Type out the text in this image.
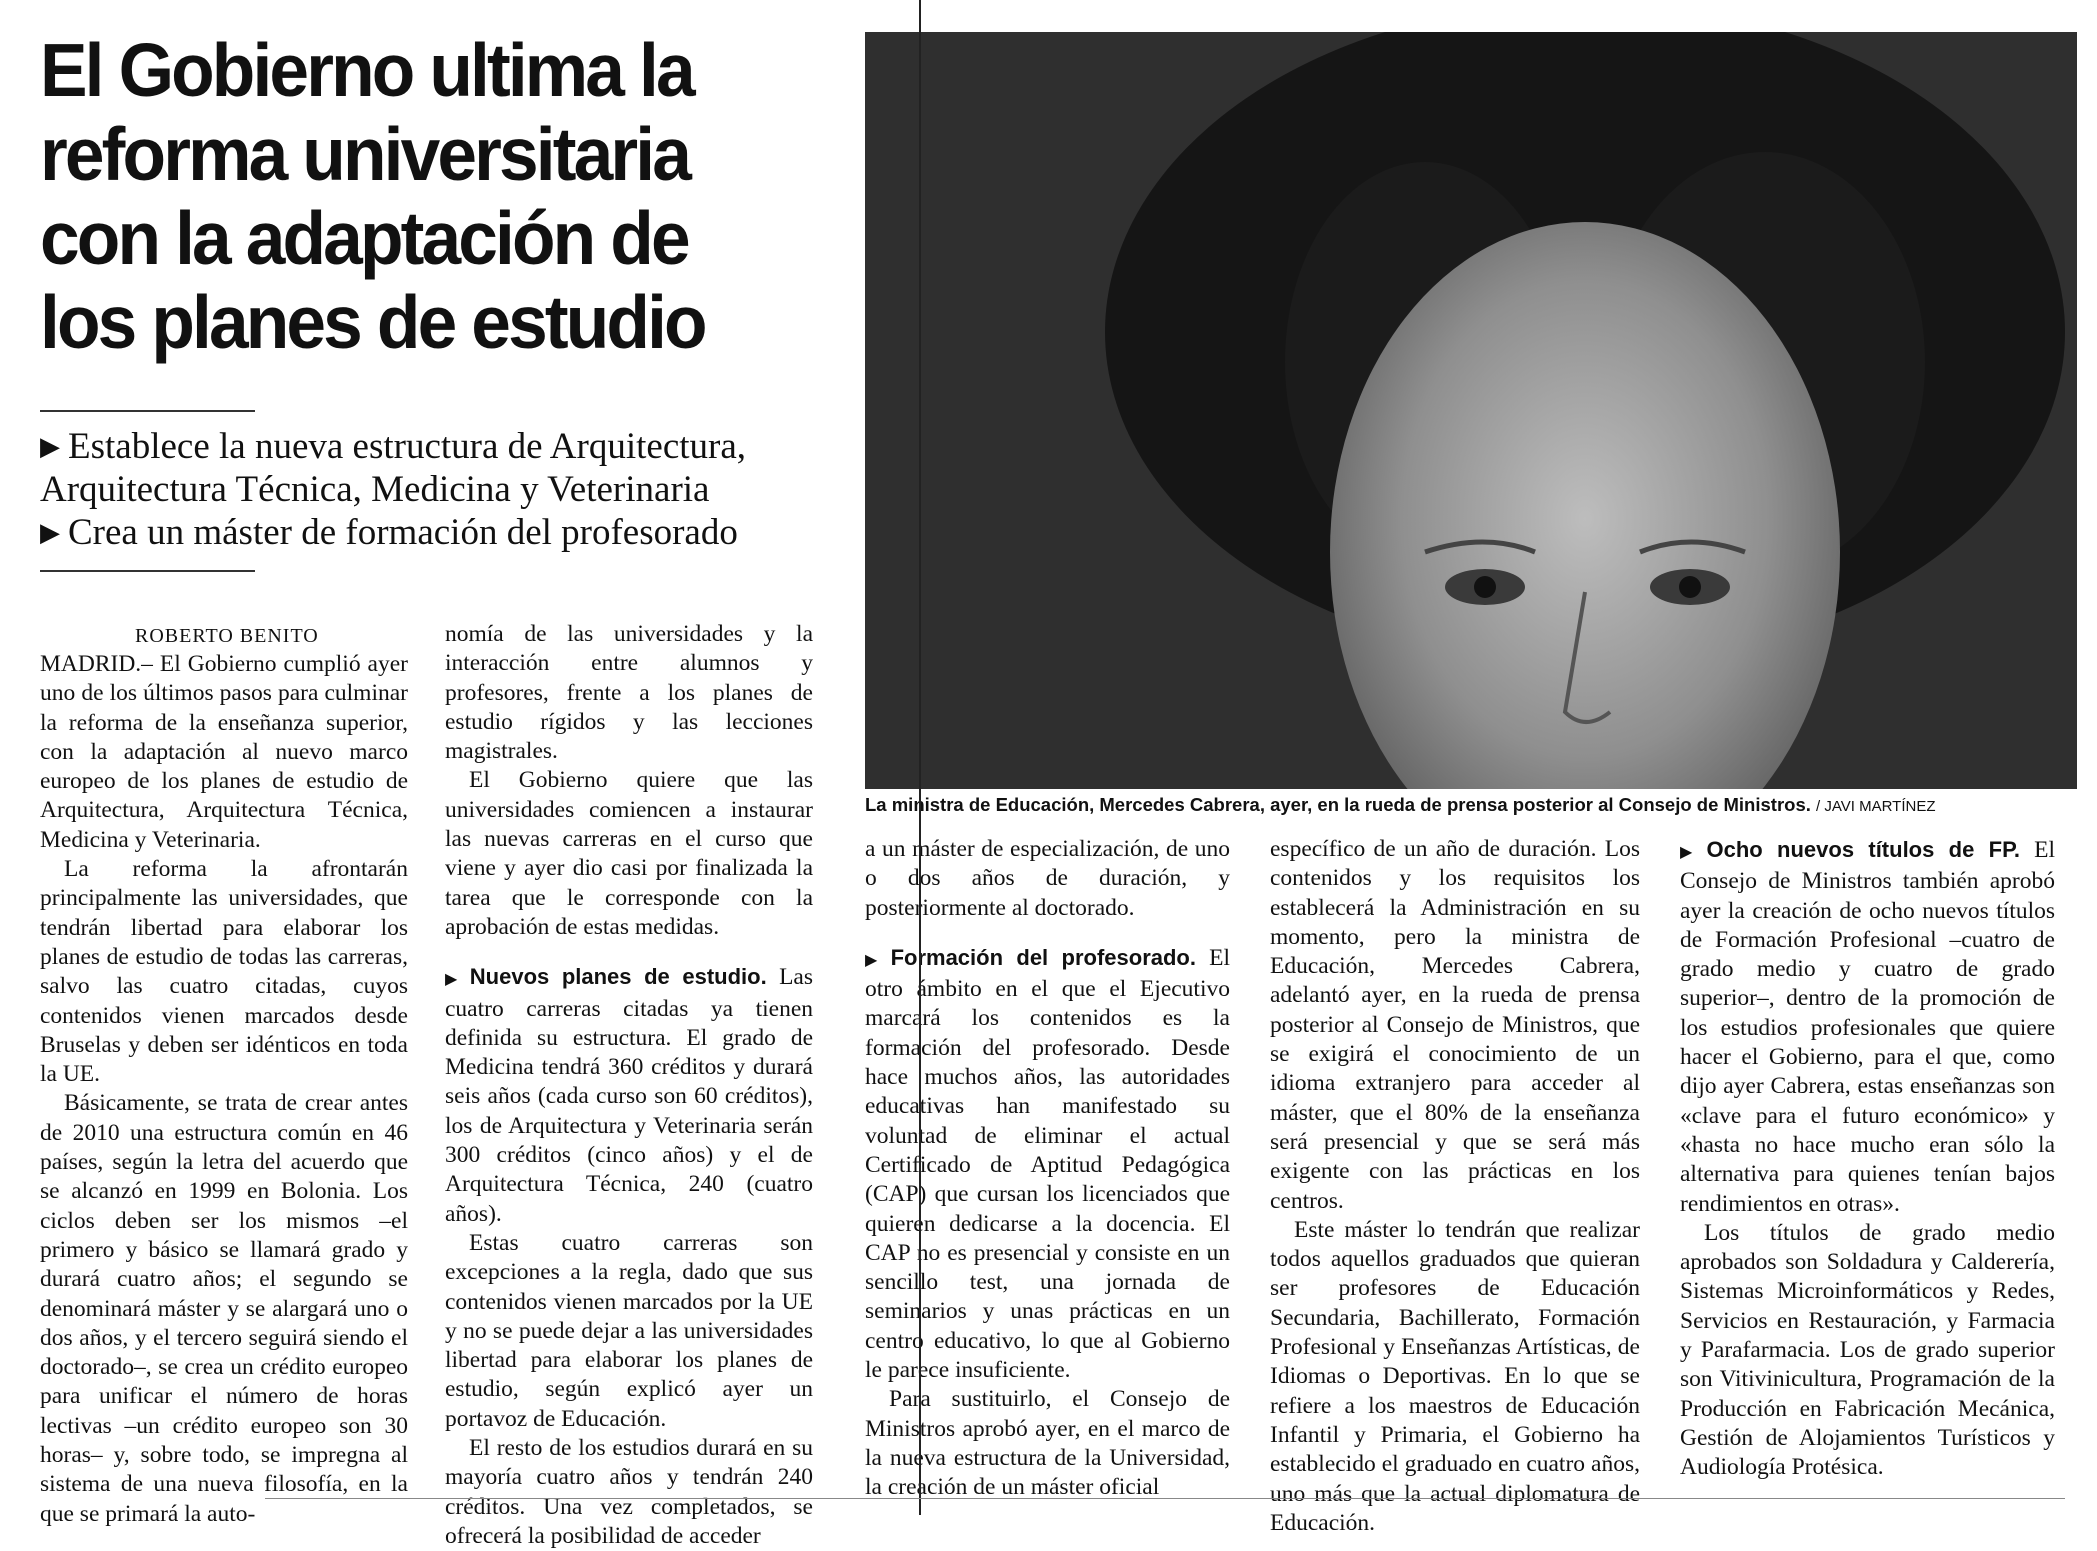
El Gobierno ultima la
reforma universitaria
con la adaptación de
los planes de estudio
▶ Establece la nueva estructura de Arquitectura,
Arquitectura Técnica, Medicina y Veterinaria
▶ Crea un máster de formación del profesorado
ROBERTO BENITO

MADRID.– El Gobierno cumplió ayer uno de los últimos pasos para culminar la reforma de la enseñanza superior, con la adaptación al nuevo marco europeo de los planes de estudio de Arquitectura, Arquitectura Técnica, Medicina y Veterinaria.

La reforma la afrontarán principalmente las universidades, que tendrán libertad para elaborar los planes de estudio de todas las carreras, salvo las cuatro citadas, cuyos contenidos vienen marcados desde Bruselas y deben ser idénticos en toda la UE.

Básicamente, se trata de crear antes de 2010 una estructura común en 46 países, según la letra del acuerdo que se alcanzó en 1999 en Bolonia. Los ciclos deben ser los mismos –el primero y básico se llamará grado y durará cuatro años; el segundo se denominará máster y se alargará uno o dos años, y el tercero seguirá siendo el doctorado–, se crea un crédito europeo para unificar el número de horas lectivas –un crédito europeo son 30 horas– y, sobre todo, se impregna al sistema de una nueva filosofía, en la que se primará la auto-

nomía de las universidades y la interacción entre alumnos y profesores, frente a los planes de estudio rígidos y las lecciones magistrales.

El Gobierno quiere que las universidades comiencen a instaurar las nuevas carreras en el curso que viene y ayer dio casi por finalizada la tarea que le corresponde con la aprobación de estas medidas.

▶ Nuevos planes de estudio. Las cuatro carreras citadas ya tienen definida su estructura. El grado de Medicina tendrá 360 créditos y durará seis años (cada curso son 60 créditos), los de Arquitectura y Veterinaria serán 300 créditos (cinco años) y el de Arquitectura Técnica, 240 (cuatro años).

Estas cuatro carreras son excepciones a la regla, dado que sus contenidos vienen marcados por la UE y no se puede dejar a las universidades libertad para elaborar los planes de estudio, según explicó ayer un portavoz de Educación.

El resto de los estudios durará en su mayoría cuatro años y tendrán 240 créditos. Una vez completados, se ofrecerá la posibilidad de acceder

La ministra de Educación, Mercedes Cabrera, ayer, en la rueda de prensa posterior al Consejo de Ministros. / JAVI MARTÍNEZ

a un máster de especialización, de uno o dos años de duración, y posteriormente al doctorado.

▶ Formación del profesorado. El otro ámbito en el que el Ejecutivo marcará los contenidos es la formación del profesorado. Desde hace muchos años, las autoridades educativas han manifestado su voluntad de eliminar el actual Certificado de Aptitud Pedagógica (CAP) que cursan los licenciados que quieren dedicarse a la docencia. El CAP no es presencial y consiste en un sencillo test, una jornada de seminarios y unas prácticas en un centro educativo, lo que al Gobierno le parece insuficiente.

Para sustituirlo, el Consejo de Ministros aprobó ayer, en el marco de la nueva estructura de la Universidad, la creación de un máster oficial

específico de un año de duración. Los contenidos y los requisitos los establecerá la Administración en su momento, pero la ministra de Educación, Mercedes Cabrera, adelantó ayer, en la rueda de prensa posterior al Consejo de Ministros, que se exigirá el conocimiento de un idioma extranjero para acceder al máster, que el 80% de la enseñanza será presencial y que se será más exigente con las prácticas en los centros.

Este máster lo tendrán que realizar todos aquellos graduados que quieran ser profesores de Educación Secundaria, Bachillerato, Formación Profesional y Enseñanzas Artísticas, de Idiomas o Deportivas. En lo que se refiere a los maestros de Educación Infantil y Primaria, el Gobierno ha establecido el graduado en cuatro años, uno más que la actual diplomatura de Educación.

▶ Ocho nuevos títulos de FP. El Consejo de Ministros también aprobó ayer la creación de ocho nuevos títulos de Formación Profesional –cuatro de grado medio y cuatro de grado superior–, dentro de la promoción de los estudios profesionales que quiere hacer el Gobierno, para el que, como dijo ayer Cabrera, estas enseñanzas son «clave para el futuro económico» y «hasta no hace mucho eran sólo la alternativa para quienes tenían bajos rendimientos en otras».

Los títulos de grado medio aprobados son Soldadura y Calderería, Sistemas Microinformáticos y Redes, Servicios en Restauración, y Farmacia y Parafarmacia. Los de grado superior son Vitivinicultura, Programación de la Producción en Fabricación Mecánica, Gestión de Alojamientos Turísticos y Audiología Protésica.
